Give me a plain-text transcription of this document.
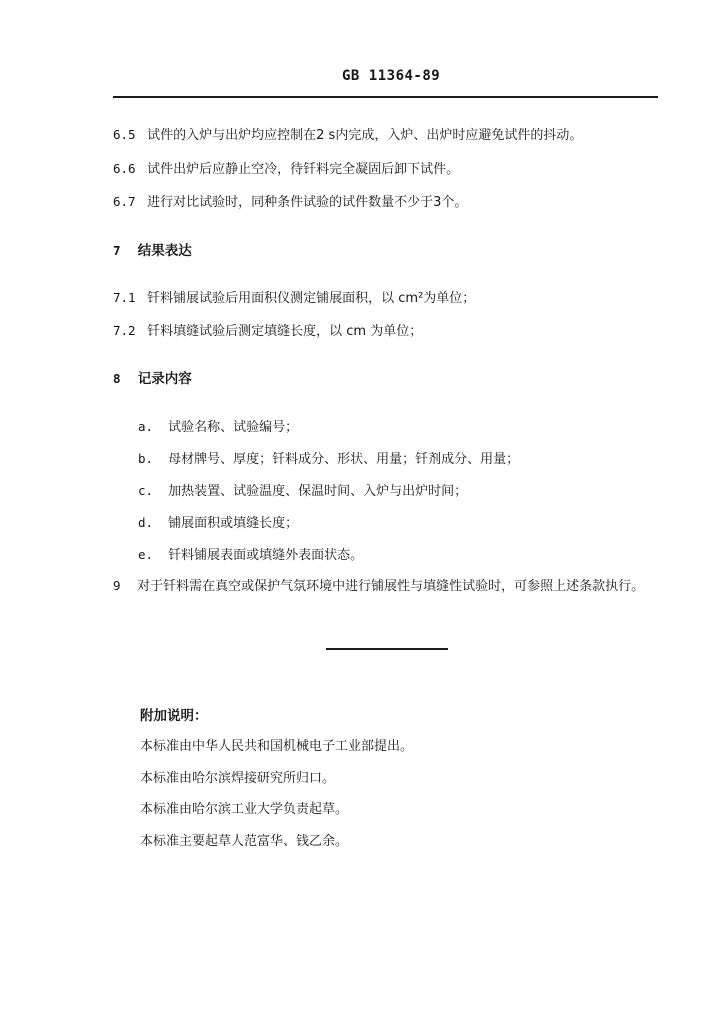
GB 11364-89
6.5 试件的入炉与出炉均应控制在2 s内完成，入炉、出炉时应避免试件的抖动。
6.6 试件出炉后应静止空冷，待钎料完全凝固后卸下试件。
6.7 进行对比试验时，同种条件试验的试件数量不少于3个。
7 结果表达
7.1 钎料铺展试验后用面积仪测定铺展面积，以 cm²为单位；
7.2 钎料填缝试验后测定填缝长度，以 cm 为单位；
8 记录内容
a. 试验名称、试验编号；
b. 母材牌号、厚度；钎料成分、形状、用量；钎剂成分、用量；
c. 加热装置、试验温度、保温时间、入炉与出炉时间；
d. 铺展面积或填缝长度；
e. 钎料铺展表面或填缝外表面状态。
9 对于钎料需在真空或保护气氛环境中进行铺展性与填缝性试验时，可参照上述条款执行。
附加说明：
本标准由中华人民共和国机械电子工业部提出。
本标准由哈尔滨焊接研究所归口。
本标准由哈尔滨工业大学负责起草。
本标准主要起草人范富华、钱乙余。
